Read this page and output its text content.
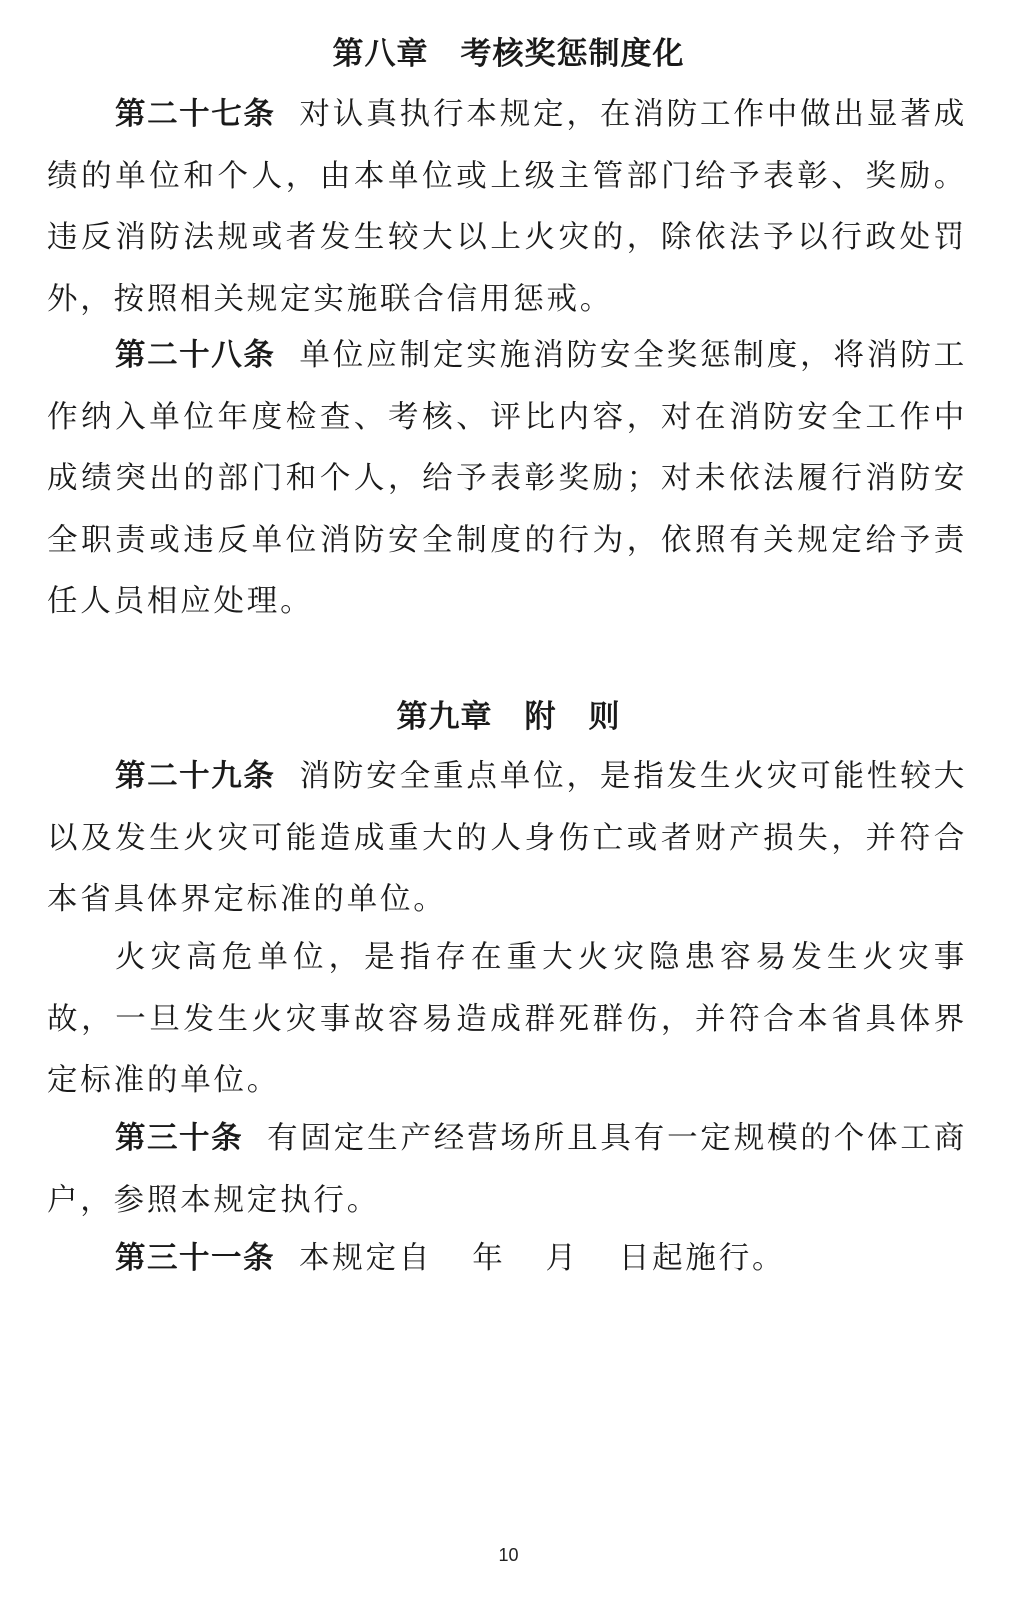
第八章　考核奖惩制度化

第二十七条 对认真执行本规定，在消防工作中做出显著成绩的单位和个人，由本单位或上级主管部门给予表彰、奖励。违反消防法规或者发生较大以上火灾的，除依法予以行政处罚外，按照相关规定实施联合信用惩戒。

第二十八条 单位应制定实施消防安全奖惩制度，将消防工作纳入单位年度检查、考核、评比内容，对在消防安全工作中成绩突出的部门和个人，给予表彰奖励；对未依法履行消防安全职责或违反单位消防安全制度的行为，依照有关规定给予责任人员相应处理。

第九章　附　则

第二十九条 消防安全重点单位，是指发生火灾可能性较大以及发生火灾可能造成重大的人身伤亡或者财产损失，并符合本省具体界定标准的单位。

火灾高危单位，是指存在重大火灾隐患容易发生火灾事故，一旦发生火灾事故容易造成群死群伤，并符合本省具体界定标准的单位。

第三十条 有固定生产经营场所且具有一定规模的个体工商户，参照本规定执行。

第三十一条 本规定自 年 月 日起施行。

10
